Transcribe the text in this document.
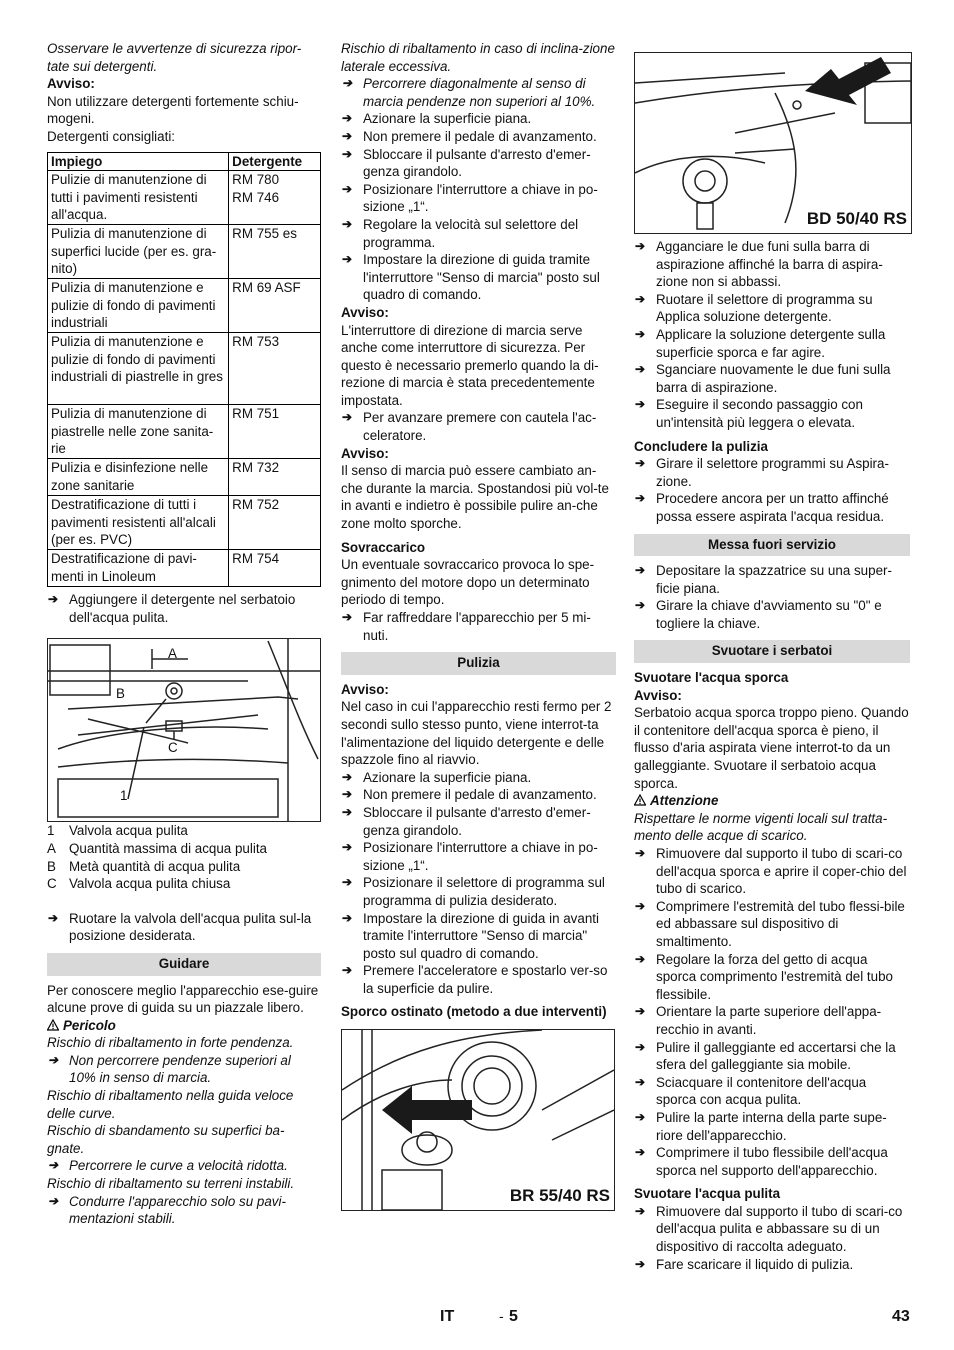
Osservare le avvertenze di sicurezza ripor-tate sui detergenti.

Avviso:

Non utilizzare detergenti fortemente schiu-mogeni.

Detergenti consigliati:

Impiego	Detergente
Pulizie di manutenzione di tutti i pavimenti resistenti all'acqua.	RM 780
RM 746
Pulizia di manutenzione di superfici lucide (per es. gra-nito)	RM 755 es
Pulizia di manutenzione e pulizie di fondo di pavimenti industriali	RM 69 ASF
Pulizia di manutenzione e pulizie di fondo di pavimenti industriali di piastrelle in gres	RM 753
Pulizia di manutenzione di piastrelle nelle zone sanita-rie	RM 751
Pulizia e disinfezione nelle zone sanitarie	RM 732
Destratificazione di tutti i pavimenti resistenti all'alcali (per es. PVC)	RM 752
Destratificazione di pavi-menti in Linoleum	RM 754

➔ Aggiungere il detergente nel serbatoio dell'acqua pulita.

A
B
C
1
1	Valvola acqua pulita
A Quantità massima di acqua pulita
B Metà quantità di acqua pulita
C Valvola acqua pulita chiusa

➔ Ruotare la valvola dell'acqua pulita sul-la posizione desiderata.

Guidare

Per conoscere meglio l'apparecchio ese-guire alcune prove di guida su un piazzale libero.

Pericolo

Rischio di ribaltamento in forte pendenza.

➔ Non percorrere pendenze superiori al 10% in senso di marcia.

Rischio di ribaltamento nella guida veloce delle curve.

Rischio di sbandamento su superfici ba-gnate.

➔ Percorrere le curve a velocità ridotta.

Rischio di ribaltamento su terreni instabili.

➔ Condurre l'apparecchio solo su pavi-mentazioni stabili.

Rischio di ribaltamento in caso di inclina-zione laterale eccessiva.

➔ Percorrere diagonalmente al senso di marcia pendenze non superiori al 10%.

➔ Azionare la superficie piana.

➔ Non premere il pedale di avanzamento.

➔ Sbloccare il pulsante d'arresto d'emer-genza girandolo.

➔ Posizionare l'interruttore a chiave in po-sizione „1“.

➔ Regolare la velocità sul selettore del programma.

➔ Impostare la direzione di guida tramite l'interruttore "Senso di marcia" posto sul quadro di comando.

Avviso:

L'interruttore di direzione di marcia serve anche come interruttore di sicurezza. Per questo è necessario premerlo quando la di-rezione di marcia è stata precedentemente impostata.

➔ Per avanzare premere con cautela l'ac-celeratore.

Avviso:

Il senso di marcia può essere cambiato an-che durante la marcia. Spostandosi più vol-te in avanti e indietro è possibile pulire an-che zone molto sporche.

Sovraccarico

Un eventuale sovraccarico provoca lo spe-gnimento del motore dopo un determinato periodo di tempo.

➔ Far raffreddare l'apparecchio per 5 mi-nuti.

Pulizia

Avviso:

Nel caso in cui l'apparecchio resti fermo per 2 secondi sullo stesso punto, viene interrot-ta l'alimentazione del liquido detergente e delle spazzole fino al riavvio.

➔ Azionare la superficie piana.

➔ Non premere il pedale di avanzamento.

➔ Sbloccare il pulsante d'arresto d'emer-genza girandolo.

➔ Posizionare l'interruttore a chiave in po-sizione „1“.

➔ Posizionare il selettore di programma sul programma di pulizia desiderato.

➔ Impostare la direzione di guida in avanti tramite l'interruttore "Senso di marcia" posto sul quadro di comando.

➔ Premere l'acceleratore e spostarlo ver-so la superficie da pulire.

Sporco ostinato (metodo a due interventi)

BR 55/40 RS
BD 50/40 RS

➔ Agganciare le due funi sulla barra di aspirazione affinché la barra di aspira-zione non si abbassi.

➔ Ruotare il selettore di programma su Applica soluzione detergente.

➔ Applicare la soluzione detergente sulla superficie sporca e far agire.

➔ Sganciare nuovamente le due funi sulla barra di aspirazione.

➔ Eseguire il secondo passaggio con un'intensità più leggera o elevata.

Concludere la pulizia

➔ Girare il selettore programmi su Aspira-zione.

➔ Procedere ancora per un tratto affinché possa essere aspirata l'acqua residua.

Messa fuori servizio

➔ Depositare la spazzatrice su una super-ficie piana.

➔ Girare la chiave d'avviamento su "0" e togliere la chiave.

Svuotare i serbatoi

Svuotare l'acqua sporca

Avviso:

Serbatoio acqua sporca troppo pieno. Quando il contenitore dell'acqua sporca è pieno, il flusso d'aria aspirata viene interrot-to da un galleggiante. Svuotare il serbatoio acqua sporca.

Attenzione

Rispettare le norme vigenti locali sul tratta-mento delle acque di scarico.

➔ Rimuovere dal supporto il tubo di scari-co dell'acqua sporca e aprire il coper-chio del tubo di scarico.

➔ Comprimere l'estremità del tubo flessi-bile ed abbassare sul dispositivo di smaltimento.

➔ Regolare la forza del getto di acqua sporca comprimento l'estremità del tubo flessibile.

➔ Orientare la parte superiore dell'appa-recchio in avanti.

➔ Pulire il galleggiante ed accertarsi che la sfera del galleggiante sia mobile.

➔ Sciacquare il contenitore dell'acqua sporca con acqua pulita.

➔ Pulire la parte interna della parte supe-riore dell'apparecchio.

➔ Comprimere il tubo flessibile dell'acqua sporca nel supporto dell'apparecchio.

Svuotare l'acqua pulita

➔ Rimuovere dal supporto il tubo di scari-co dell'acqua pulita e abbassare su di un dispositivo di raccolta adeguato.

➔ Fare scaricare il liquido di pulizia.

IT	- 5	43
